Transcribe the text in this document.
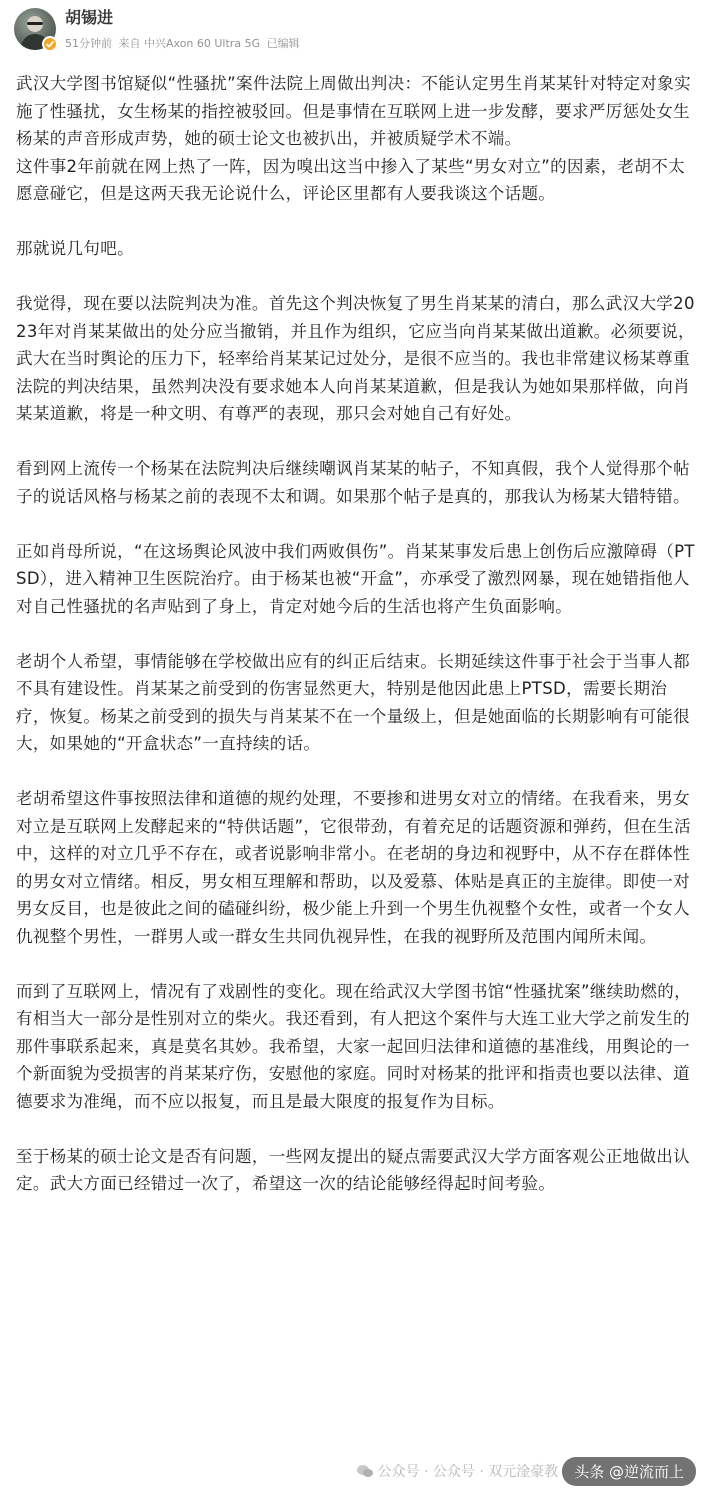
胡锡进
51分钟前 来自 中兴Axon 60 Ultra 5G 已编辑

武汉大学图书馆疑似“性骚扰”案件法院上周做出判决：不能认定男生肖某某针对特定对象实施了性骚扰，女生杨某的指控被驳回。但是事情在互联网上进一步发酵，要求严厉惩处女生杨某的声音形成声势，她的硕士论文也被扒出，并被质疑学术不端。

这件事2年前就在网上热了一阵，因为嗅出这当中掺入了某些“男女对立”的因素，老胡不太愿意碰它，但是这两天我无论说什么，评论区里都有人要我谈这个话题。

那就说几句吧。

我觉得，现在要以法院判决为准。首先这个判决恢复了男生肖某某的清白，那么武汉大学2023年对肖某某做出的处分应当撤销，并且作为组织，它应当向肖某某做出道歉。必须要说，武大在当时舆论的压力下，轻率给肖某某记过处分，是很不应当的。我也非常建议杨某尊重法院的判决结果，虽然判决没有要求她本人向肖某某道歉，但是我认为她如果那样做，向肖某某道歉，将是一种文明、有尊严的表现，那只会对她自己有好处。

看到网上流传一个杨某在法院判决后继续嘲讽肖某某的帖子，不知真假，我个人觉得那个帖子的说话风格与杨某之前的表现不太和调。如果那个帖子是真的，那我认为杨某大错特错。

正如肖母所说，“在这场舆论风波中我们两败俱伤”。肖某某事发后患上创伤后应激障碍（PTSD），进入精神卫生医院治疗。由于杨某也被“开盒”，亦承受了激烈网暴，现在她错指他人对自己性骚扰的名声贴到了身上，肯定对她今后的生活也将产生负面影响。

老胡个人希望，事情能够在学校做出应有的纠正后结束。长期延续这件事于社会于当事人都不具有建设性。肖某某之前受到的伤害显然更大，特别是他因此患上PTSD，需要长期治疗，恢复。杨某之前受到的损失与肖某某不在一个量级上，但是她面临的长期影响有可能很大，如果她的“开盒状态”一直持续的话。

老胡希望这件事按照法律和道德的规约处理，不要掺和进男女对立的情绪。在我看来，男女对立是互联网上发酵起来的“特供话题”，它很带劲，有着充足的话题资源和弹药，但在生活中，这样的对立几乎不存在，或者说影响非常小。在老胡的身边和视野中，从不存在群体性的男女对立情绪。相反，男女相互理解和帮助，以及爱慕、体贴是真正的主旋律。即使一对男女反目，也是彼此之间的磕碰纠纷，极少能上升到一个男生仇视整个女性，或者一个女人仇视整个男性，一群男人或一群女生共同仇视异性，在我的视野所及范围内闻所未闻。

而到了互联网上，情况有了戏剧性的变化。现在给武汉大学图书馆“性骚扰案”继续助燃的，有相当大一部分是性别对立的柴火。我还看到，有人把这个案件与大连工业大学之前发生的那件事联系起来，真是莫名其妙。我希望，大家一起回归法律和道德的基准线，用舆论的一个新面貌为受损害的肖某某疗伤，安慰他的家庭。同时对杨某的批评和指责也要以法律、道德要求为准绳，而不应以报复，而且是最大限度的报复作为目标。

至于杨某的硕士论文是否有问题，一些网友提出的疑点需要武汉大学方面客观公正地做出认定。武大方面已经错过一次了，希望这一次的结论能够经得起时间考验。

公众号 · 公众号 · 双元淦豪教	头条 @逆流而上
